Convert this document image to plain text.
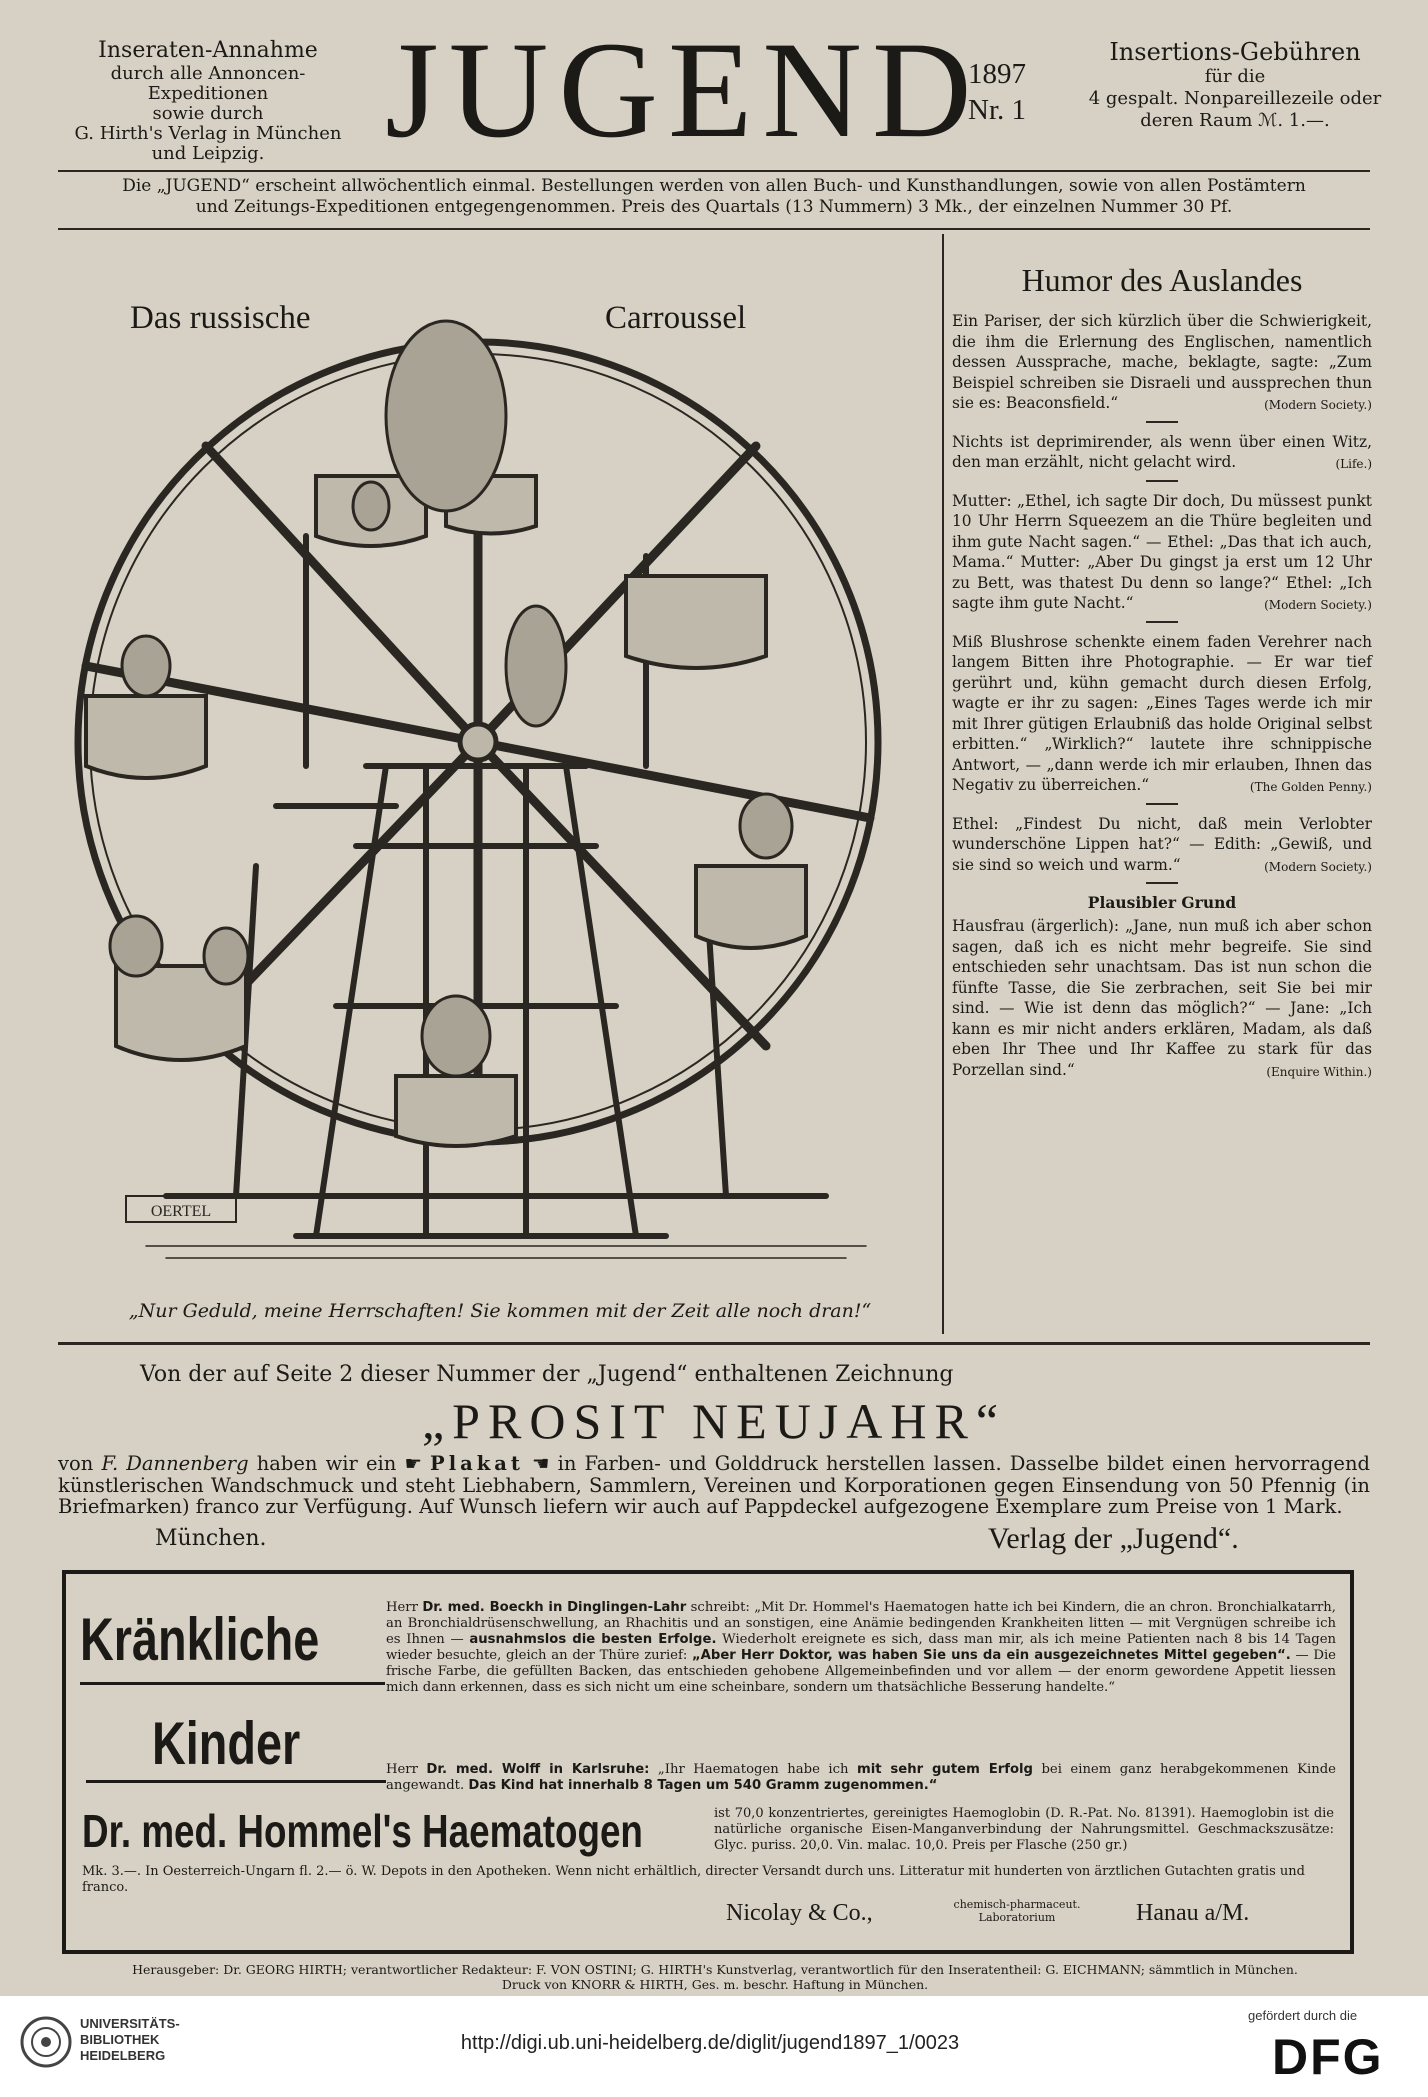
Inseraten-Annahme
durch alle Annoncen-Expeditionen
sowie durch
G. Hirth's Verlag in München
und Leipzig. JUGEND
1897
Nr. 1
Insertions-Gebühren
für die
4 gespalt. Nonpareillezeile oder
deren Raum ℳ. 1.—.
Die „JUGEND“ erscheint allwöchentlich einmal. Bestellungen werden von allen Buch- und Kunsthandlungen, sowie von allen Postämtern
und Zeitungs-Expeditionen entgegengenommen. Preis des Quartals (13 Nummern) 3 Mk., der einzelnen Nummer 30 Pf.
OERTEL
Das russische	Carroussel
„Nur Geduld, meine Herrschaften! Sie kommen mit der Zeit alle noch dran!“
Humor des Auslandes

Ein Pariser, der sich kürzlich über die Schwierigkeit, die ihm die Erlernung des Englischen, namentlich dessen Aussprache, mache, beklagte, sagte: „Zum Beispiel schreiben sie Disraeli und aussprechen thun sie es: Beaconsfield.“	(Modern Society.)

Nichts ist deprimirender, als wenn über einen Witz, den man erzählt, nicht gelacht wird.	(Life.)

Mutter: „Ethel, ich sagte Dir doch, Du müssest punkt 10 Uhr Herrn Squeezem an die Thüre begleiten und ihm gute Nacht sagen.“ — Ethel: „Das that ich auch, Mama.“ Mutter: „Aber Du gingst ja erst um 12 Uhr zu Bett, was thatest Du denn so lange?“ Ethel: „Ich sagte ihm gute Nacht.“	(Modern Society.)

Miß Blushrose schenkte einem faden Verehrer nach langem Bitten ihre Photographie. — Er war tief gerührt und, kühn gemacht durch diesen Erfolg, wagte er ihr zu sagen: „Eines Tages werde ich mir mit Ihrer gütigen Erlaubniß das holde Original selbst erbitten.“ „Wirklich?“ lautete ihre schnippische Antwort, — „dann werde ich mir erlauben, Ihnen das Negativ zu überreichen.“	(The Golden Penny.)

Ethel: „Findest Du nicht, daß mein Verlobter wunderschöne Lippen hat?“ — Edith: „Gewiß, und sie sind so weich und warm.“	(Modern Society.)

Plausibler Grund

Hausfrau (ärgerlich): „Jane, nun muß ich aber schon sagen, daß ich es nicht mehr begreife. Sie sind entschieden sehr unachtsam. Das ist nun schon die fünfte Tasse, die Sie zerbrachen, seit Sie bei mir sind. — Wie ist denn das möglich?“ — Jane: „Ich kann es mir nicht anders erklären, Madam, als daß eben Ihr Thee und Ihr Kaffee zu stark für das Porzellan sind.“	(Enquire Within.)

Von der auf Seite 2 dieser Nummer der „Jugend“ enthaltenen Zeichnung
„PROSIT NEUJAHR“
von F. Dannenberg haben wir ein ☛ Plakat ☚ in Farben- und Golddruck herstellen lassen. Dasselbe bildet einen hervorragend künstlerischen Wandschmuck und steht Liebhabern, Sammlern, Vereinen und Korporationen gegen Einsendung von 50 Pfennig (in Briefmarken) franco zur Verfügung. Auf Wunsch liefern wir auch auf Pappdeckel aufgezogene Exemplare zum Preise von 1 Mark.
München.	Verlag der „Jugend“.
Kränkliche
Kinder
Herr Dr. med. Boeckh in Dinglingen-Lahr schreibt: „Mit Dr. Hommel's Haematogen hatte ich bei Kindern, die an chron. Bronchialkatarrh, an Bronchialdrüsenschwellung, an Rhachitis und an sonstigen, eine Anämie bedingenden Krankheiten litten — mit Vergnügen schreibe ich es Ihnen — ausnahmslos die besten Erfolge. Wiederholt ereignete es sich, dass man mir, als ich meine Patienten nach 8 bis 14 Tagen wieder besuchte, gleich an der Thüre zurief: „Aber Herr Doktor, was haben Sie uns da ein ausgezeichnetes Mittel gegeben“. — Die frische Farbe, die gefüllten Backen, das entschieden gehobene Allgemeinbefinden und vor allem — der enorm gewordene Appetit liessen mich dann erkennen, dass es sich nicht um eine scheinbare, sondern um thatsächliche Besserung handelte.“
Herr Dr. med. Wolff in Karlsruhe: „Ihr Haematogen habe ich mit sehr gutem Erfolg bei einem ganz herabgekommenen Kinde angewandt. Das Kind hat innerhalb 8 Tagen um 540 Gramm zugenommen.“
Dr. med. Hommel's Haematogen	ist 70,0 konzentriertes, gereinigtes Haemoglobin (D. R.-Pat. No. 81391). Haemoglobin ist die natürliche organische Eisen-Manganverbindung der Nahrungsmittel. Geschmackszusätze: Glyc. puriss. 20,0. Vin. malac. 10,0. Preis per Flasche (250 gr.)
Mk. 3.—. In Oesterreich-Ungarn fl. 2.— ö. W. Depots in den Apotheken. Wenn nicht erhältlich, directer Versandt durch uns. Litteratur mit hunderten von ärztlichen Gutachten gratis und franco.
Nicolay & Co.,	chemisch-pharmaceut.
Laboratorium	Hanau a/M.
Herausgeber: Dr. GEORG HIRTH; verantwortlicher Redakteur: F. VON OSTINI; G. HIRTH's Kunstverlag, verantwortlich für den Inseratentheil: G. EICHMANN; sämmtlich in München.
Druck von KNORR & HIRTH, Ges. m. beschr. Haftung in München.
UNIVERSITÄTS-
BIBLIOTHEK
HEIDELBERG
http://digi.ub.uni-heidelberg.de/diglit/jugend1897_1/0023
gefördert durch die
DFG
